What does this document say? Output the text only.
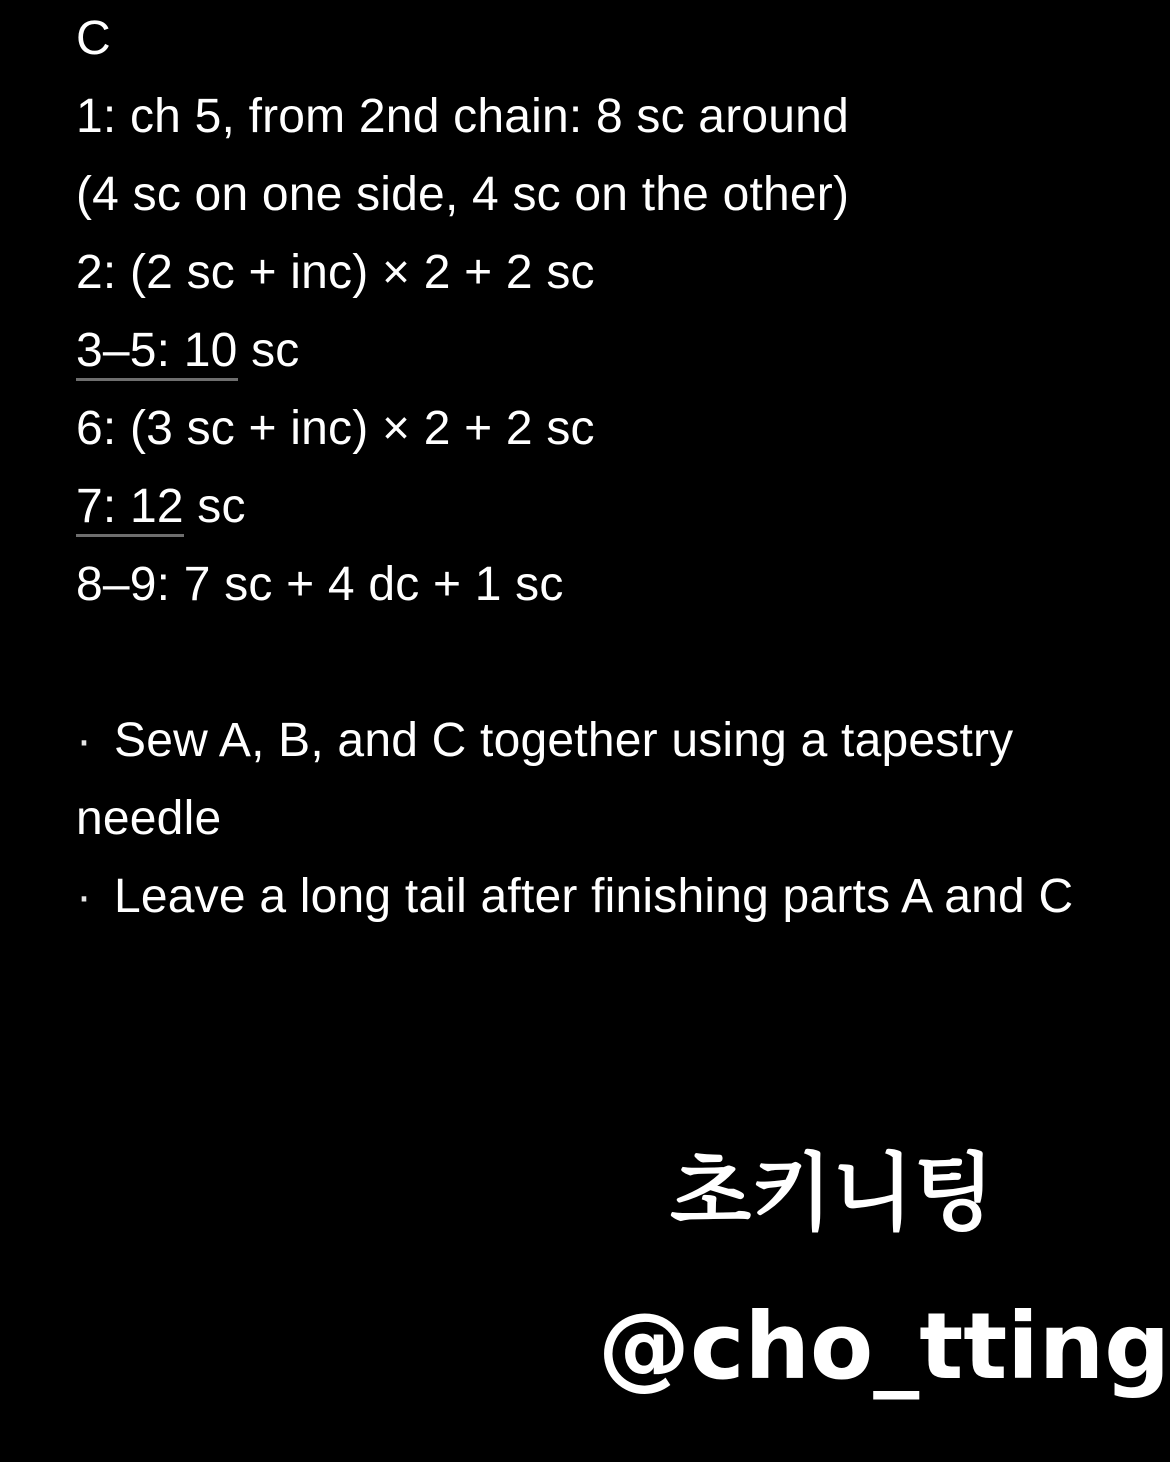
C
1: ch 5, from 2nd chain: 8 sc around
(4 sc on one side, 4 sc on the other)
2: (2 sc + inc) × 2 + 2 sc
3–5: 10 sc
6: (3 sc + inc) × 2 + 2 sc
7: 12 sc
8–9: 7 sc + 4 dc + 1 sc
· Sew A, B, and C together using a tapestry needle
· Leave a long tail after finishing parts A and C
초키니팅
@cho_tting
